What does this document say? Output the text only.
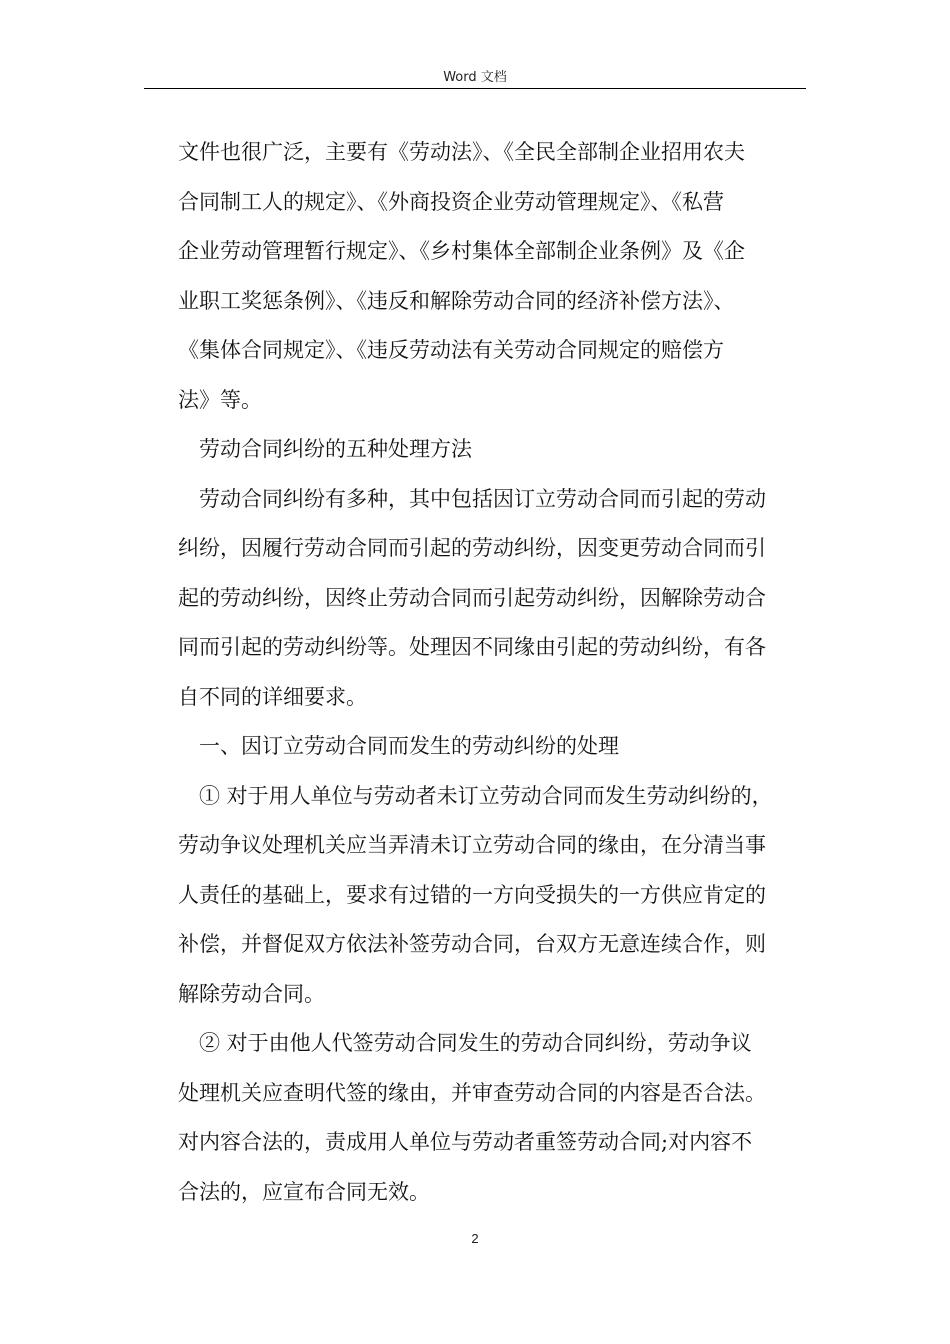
Word 文档
文件也很广泛，主要有《劳动法》、《全民全部制企业招用农夫
合同制工人的规定》、《外商投资企业劳动管理规定》、《私营
企业劳动管理暂行规定》、《乡村集体全部制企业条例》及《企
业职工奖惩条例》、《违反和解除劳动合同的经济补偿方法》、
《集体合同规定》、《违反劳动法有关劳动合同规定的赔偿方
法》等。
劳动合同纠纷的五种处理方法
劳动合同纠纷有多种，其中包括因订立劳动合同而引起的劳动
纠纷，因履行劳动合同而引起的劳动纠纷，因变更劳动合同而引
起的劳动纠纷，因终止劳动合同而引起劳动纠纷，因解除劳动合
同而引起的劳动纠纷等。处理因不同缘由引起的劳动纠纷，有各
自不同的详细要求。
一、因订立劳动合同而发生的劳动纠纷的处理
① 对于用人单位与劳动者未订立劳动合同而发生劳动纠纷的，
劳动争议处理机关应当弄清未订立劳动合同的缘由，在分清当事
人责任的基础上，要求有过错的一方向受损失的一方供应肯定的
补偿，并督促双方依法补签劳动合同，台双方无意连续合作，则
解除劳动合同。
② 对于由他人代签劳动合同发生的劳动合同纠纷，劳动争议
处理机关应查明代签的缘由，并审查劳动合同的内容是否合法。
对内容合法的，责成用人单位与劳动者重签劳动合同;对内容不
合法的，应宣布合同无效。
2
